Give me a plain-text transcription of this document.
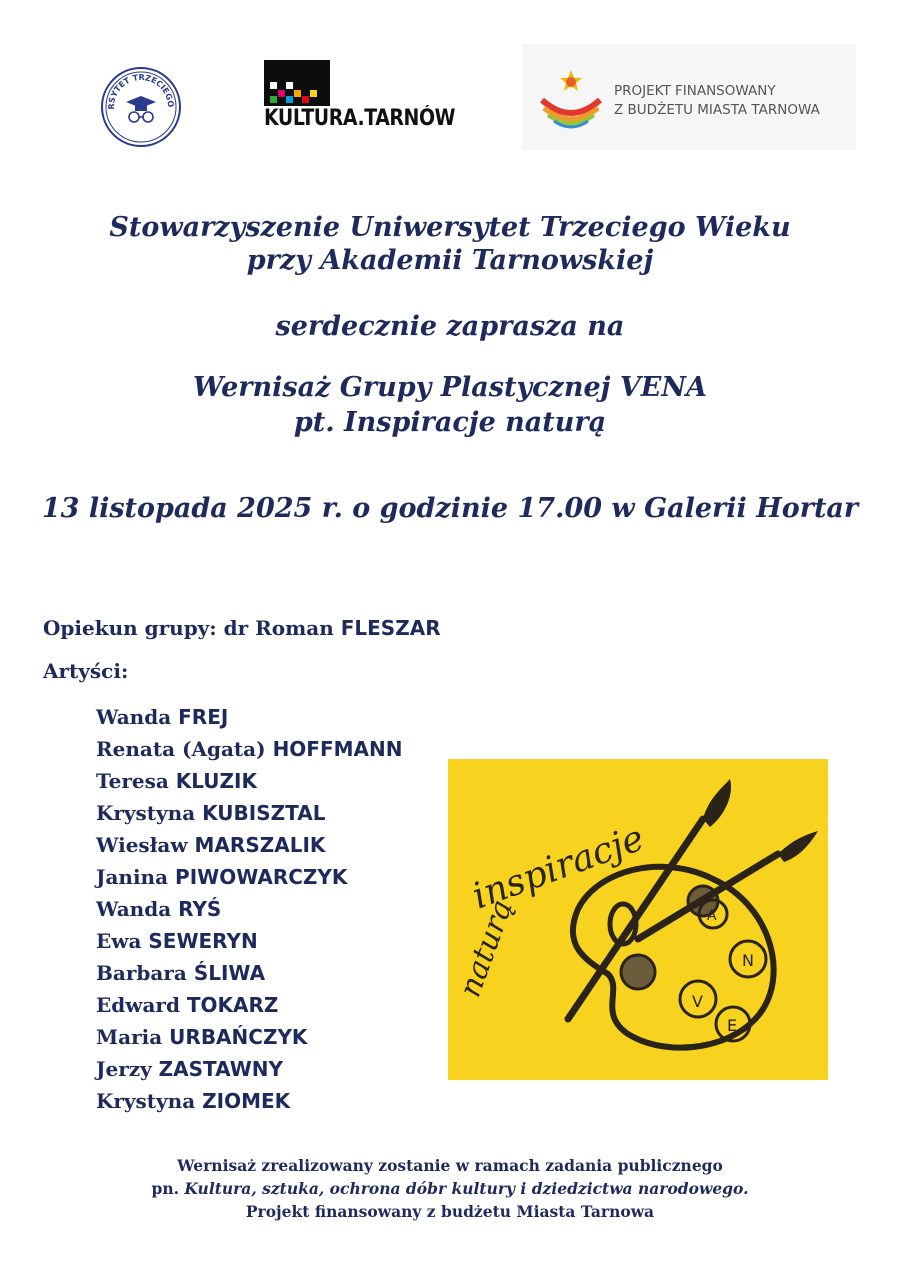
RSYTET TRZECIEGO
KULTURA.TARNÓW
PROJEKT FINANSOWANY
Z BUDŻETU MIASTA TARNOWA
Stowarzyszenie Uniwersytet Trzeciego Wieku
przy Akademii Tarnowskiej
serdecznie zaprasza na
Wernisaż Grupy Plastycznej VENA
pt. Inspiracje naturą
13 listopada 2025 r. o godzinie 17.00 w Galerii Hortar
Opiekun grupy: dr Roman FLESZAR
Artyści:
Wanda FREJ
Renata (Agata) HOFFMANN
Teresa KLUZIK
Krystyna KUBISZTAL
Wiesław MARSZALIK
Janina PIWOWARCZYK
Wanda RYŚ
Ewa SEWERYN
Barbara ŚLIWA
Edward TOKARZ
Maria URBAŃCZYK
Jerzy ZASTAWNY
Krystyna ZIOMEK
V
E
N
A
inspiracje
naturą
Wernisaż zrealizowany zostanie w ramach zadania publicznego
pn. Kultura, sztuka, ochrona dóbr kultury i dziedzictwa narodowego.
Projekt finansowany z budżetu Miasta Tarnowa
